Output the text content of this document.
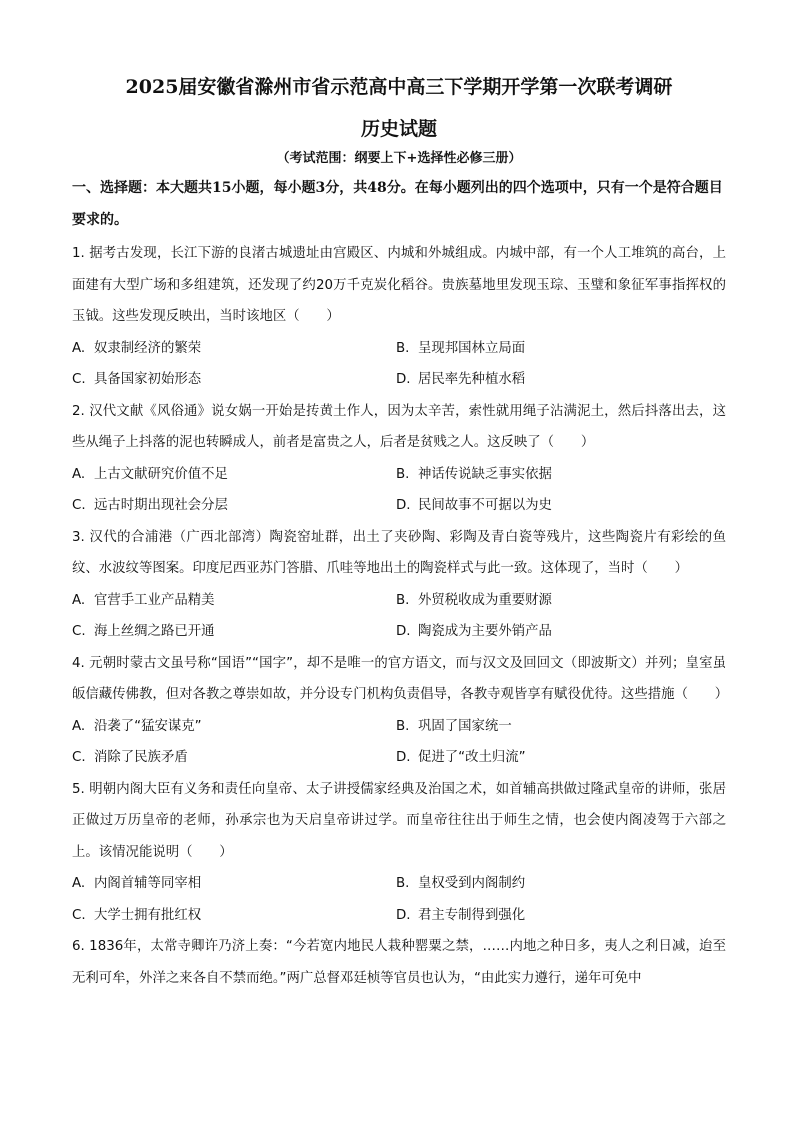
2025届安徽省滁州市省示范高中高三下学期开学第一次联考调研
历史试题
（考试范围：纲要上下+选择性必修三册）
一、选择题：本大题共15小题，每小题3分，共48分。在每小题列出的四个选项中，只有一个是符合题目要求的。

1. 据考古发现，长江下游的良渚古城遗址由宫殿区、内城和外城组成。内城中部，有一个人工堆筑的高台，上面建有大型广场和多组建筑，还发现了约20万千克炭化稻谷。贵族墓地里发现玉琮、玉璧和象征军事指挥权的玉钺。这些发现反映出，当时该地区（　　）

A. 奴隶制经济的繁荣	B. 呈现邦国林立局面
C. 具备国家初始形态	D. 居民率先种植水稻

2. 汉代文献《风俗通》说女娲一开始是抟黄土作人，因为太辛苦，索性就用绳子沾满泥土，然后抖落出去，这些从绳子上抖落的泥也转瞬成人，前者是富贵之人，后者是贫贱之人。这反映了（　　）

A. 上古文献研究价值不足	B. 神话传说缺乏事实依据
C. 远古时期出现社会分层	D. 民间故事不可据以为史

3. 汉代的合浦港（广西北部湾）陶瓷窑址群，出土了夹砂陶、彩陶及青白瓷等残片，这些陶瓷片有彩绘的鱼纹、水波纹等图案。印度尼西亚苏门答腊、爪哇等地出土的陶瓷样式与此一致。这体现了，当时（　　）

A. 官营手工业产品精美	B. 外贸税收成为重要财源
C. 海上丝绸之路已开通	D. 陶瓷成为主要外销产品

4. 元朝时蒙古文虽号称“国语”“国字”，却不是唯一的官方语文，而与汉文及回回文（即波斯文）并列；皇室虽皈信藏传佛教，但对各教之尊崇如故，并分设专门机构负责倡导，各教寺观皆享有赋役优待。这些措施（　　）

A. 沿袭了“猛安谋克”	B. 巩固了国家统一
C. 消除了民族矛盾	D. 促进了“改土归流”

5. 明朝内阁大臣有义务和责任向皇帝、太子讲授儒家经典及治国之术，如首辅高拱做过隆武皇帝的讲师，张居正做过万历皇帝的老师，孙承宗也为天启皇帝讲过学。而皇帝往往出于师生之情，也会使内阁凌驾于六部之上。该情况能说明（　　）

A. 内阁首辅等同宰相	B. 皇权受到内阁制约
C. 大学士拥有批红权	D. 君主专制得到强化

6. 1836年，太常寺卿许乃济上奏：“今若宽内地民人栽种罂粟之禁，……内地之种日多，夷人之利日减，迨至无利可牟，外洋之来各自不禁而绝。”两广总督邓廷桢等官员也认为，“由此实力遵行，递年可免中
